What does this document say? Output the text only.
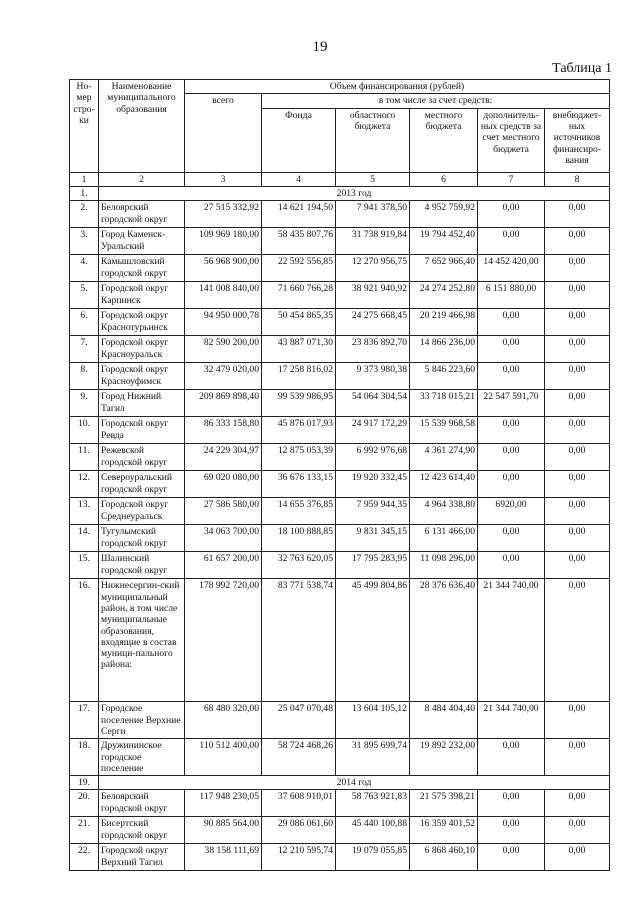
19
Таблица 1
Но-мер стро-ки	Наименование муниципального образования	Объем финансирования (рублей)					
		всего	в том числе за счет средств:				
			Фонда	областного бюджета	местного бюджета	дополнитель-ных средств за счет местного бюджета	внебюджет-ных источников финансиро-вания
1	2	3	4	5	6	7	8
1.	2013 год						
2.	Белоярский городской округ	27 515 332,92	14 621 194,50	7 941 378,50	4 952 759,92	0,00	0,00
3.	Город Каменск-Уральский	109 969 180,00	58 435 807,76	31 738 919,84	19 794 452,40	0,00	0,00
4.	Камышловский городской округ	56 968 900,00	22 592 556,85	12 270 956,75	7 652 966,40	14 452 420,00	0,00
5.	Городской округ Карпинск	141 008 840,00	71 660 766,28	38 921 940,92	24 274 252,80	6 151 880,00	0,00
6.	Городской округ Краснотурьинск	94 950 000,78	50 454 865,35	24 275 668,45	20 219 466,98	0,00	0,00
7.	Городской округ Красноуральск	82 590 200,00	43 887 071,30	23 836 892,70	14 866 236,00	0,00	0,00
8.	Городской округ Красноуфимск	32 479 020,00	17 258 816,02	9 373 980,38	5 846 223,60	0,00	0,00
9.	Город Нижний Тагил	209 869 898,40	99 539 986,95	54 064 304,54	33 718 015,21	22 547 591,70	0,00
10.	Городской округ Ревда	86 333 158,80	45 876 017,93	24 917 172,29	15 539 968,58	0,00	0,00
11.	Режевской городской округ	24 229 304,97	12 875 053,39	6 992 976,68	4 361 274,90	0,00	0,00
12.	Североуральский городской округ	69 020 080,00	36 676 133,15	19 920 332,45	12 423 614,40	0,00	0,00
13.	Городской округ Среднеуральск	27 586 580,00	14 655 376,85	7 959 944,35	4 964 338,80	6920,00	0,00
14.	Тугулымский городской округ	34 063 700,00	18 100 888,85	9 831 345,15	6 131 466,00	0,00	0,00
15.	Шалинский городской округ	61 657 200,00	32 763 620,05	17 795 283,95	11 098 296,00	0,00	0,00
16.	Нижнесергин-ский муниципальный район, в том числе муниципальные образования, входящие в состав муници-пального района:	178 992 720,00	83 771 538,74	45 499 804,86	28 376 636,40	21 344 740,00	0,00
17.	Городское поселение Верхние Серги	68 480 320,00	25 047 070,48	13 604 105,12	8 484 404,40	21 344 740,00	0,00
18.	Дружининское городское поселение	110 512 400,00	58 724 468,26	31 895 699,74	19 892 232,00	0,00	0,00
19.	2014 год						
20.	Белоярский городской округ	117 948 230,05	37 608 910,01	58 763 921,83	21 575 398,21	0,00	0,00
21.	Бисертский городской округ	90 885 564,00	29 086 061,60	45 440 100,88	16 359 401,52	0,00	0,00
22.	Городской округ Верхний Тагил	38 158 111,69	12 210 595,74	19 079 055,85	6 868 460,10	0,00	0,00
